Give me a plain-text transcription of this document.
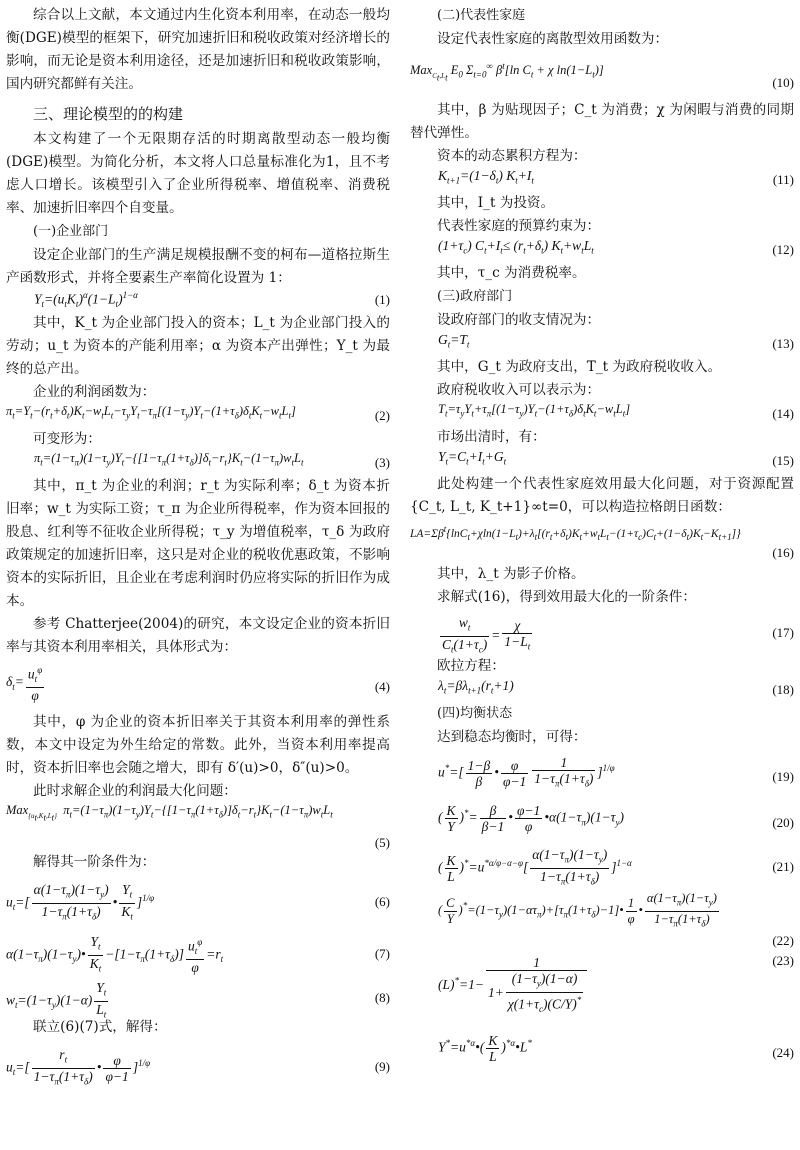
综合以上文献，本文通过内生化资本利用率，在动态一般均衡(DGE)模型的框架下，研究加速折旧和税收政策对经济增长的影响，而无论是资本利用途径，还是加速折旧和税收政策影响，国内研究都鲜有关注。

三、理论模型的的构建

本文构建了一个无限期存活的时期离散型动态一般均衡(DGE)模型。为简化分析，本文将人口总量标准化为1，且不考虑人口增长。该模型引入了企业所得税率、增值税率、消费税率、加速折旧率四个自变量。

(一)企业部门

设定企业部门的生产满足规模报酬不变的柯布—道格拉斯生产函数形式，并将全要素生产率简化设置为 1：

$Y_t=(u_tK_t)^\alpha(1-L_t)^{1-\alpha}$	(1)

其中，K_t 为企业部门投入的资本；L_t 为企业部门投入的劳动；u_t 为资本的产能利用率；α 为资本产出弹性；Y_t 为最终的总产出。

企业的利润函数为：

$\pi_t=Y_t-(r_t+\delta_t)K_t-w_tL_t-\tau_yY_t-\tau_\pi[(1-\tau_y)Y_t-(1+\tau_\delta)\delta_tK_t-w_tL_t]$	(2)

可变形为：

$\pi_t=(1-\tau_\pi)(1-\tau_y)Y_t-\{[1-\tau_\pi(1+\tau_\delta)]\delta_t-r_t\}K_t-(1-\tau_\pi)w_tL_t$	(3)

其中，π_t 为企业的利润；r_t 为实际利率；δ_t 为资本折旧率；w_t 为实际工资；τ_π 为企业所得税率，作为资本回报的股息、红利等不征收企业所得税；τ_y 为增值税率，τ_δ 为政府政策规定的加速折旧率，这只是对企业的税收优惠政策，不影响资本的实际折旧，且企业在考虑利润时仍应将实际的折旧作为成本。

参考 Chatterjee(2004)的研究，本文设定企业的资本折旧率与其资本利用率相关，具体形式为：

$\delta_t= \frac{u_t^\varphi}{\varphi}$	(4)

其中，φ 为企业的资本折旧率关于其资本利用率的弹性系数，本文中设定为外生给定的常数。此外，当资本利用率提高时，资本折旧率也会随之增大，即有 δ′(u)>0，δ″(u)>0。

此时求解企业的利润最大化问题：

Max$_{\{u_t,K_t,L_t\}}$  $\pi_t=(1-\tau_\pi)(1-\tau_y)Y_t-\{[1-\tau_\pi(1+\tau_\delta)]\delta_t-r_t\}K_t-(1-\tau_\pi)w_tL_t$
(5)

解得其一阶条件为：

$u_t=[ \frac{\alpha(1-\tau_\pi)(1-\tau_y)}{1-\tau_\pi(1+\tau_\delta)}$ • $\frac{Y_t}{K_t} ]^{1/\varphi}$	(6)
$\alpha(1-\tau_\pi)(1-\tau_y)• \frac{Y_t}{K_t} -[1-\tau_\pi(1+\tau_\delta)] \frac{u_t^\varphi}{\varphi} =r_t$	(7)
$w_t=(1-\tau_y)(1-\alpha) \frac{Y_t}{L_t}$	(8)

联立(6)(7)式，解得：

$u_t=[ \frac{r_t}{1-\tau_\pi(1+\tau_\delta)}$ • $\frac{\varphi}{\varphi-1} ]^{1/\varphi}$	(9)

(二)代表性家庭

设定代表性家庭的离散型效用函数为：

Max$_{C_t,L_t}$ $E_0$ $\Sigma_{t=0}^\infty$ $\beta^t[\ln$ $C_t + \chi$ $\ln(1-L_t)$]
(10)

其中，β 为贴现因子；C_t 为消费；χ 为闲暇与消费的同期替代弹性。

资本的动态累积方程为：

$K_{t+1}=(1-\delta_t)$ $K_t+I_t$	(11)

其中，I_t 为投资。

代表性家庭的预算约束为：

$(1+\tau_c)$ $C_t+I_t\le (r_t+\delta_t)$ $K_t+w_tL_t$	(12)

其中，τ_c 为消费税率。

(三)政府部门

设政府部门的收支情况为：

$G_t=T_t$	(13)

其中，G_t 为政府支出，T_t 为政府税收收入。

政府税收收入可以表示为：

$T_t=\tau_yY_t+\tau_\pi[(1-\tau_y)Y_t-(1+\tau_\delta)\delta_tK_t-w_tL_t]$	(14)

市场出清时，有：

$Y_t=C_t+I_t+G_t$	(15)

此处构建一个代表性家庭效用最大化问题，对于资源配置{C_t, L_t, K_t+1}∞t=0，可以构造拉格朗日函数：

$LA=\Sigma\beta^t\{\ln C_t+\chi\ln(1-L_t)+\lambda_t[(r_t+\delta_t)K_t+w_tL_t-(1+\tau_c)C_t+(1-\delta_t)K_t-K_{t+1}]\}$
(16)

其中，λ_t 为影子价格。

求解式(16)，得到效用最大化的一阶条件：

$\frac{w_t}{C_t(1+\tau_c)} = \frac{\chi}{1-L_t}$	(17)

欧拉方程：

$\lambda_t=\beta\lambda_{t+1}(r_t+1)$	(18)

(四)均衡状态

达到稳态均衡时，可得：

$u^*=[ \frac{1-\beta}{\beta}$ • $\frac{\varphi}{\varphi-1} \frac{1}{1-\tau_\pi(1+\tau_\delta)} ]^{1/\varphi}$
(19)
( $\frac{K}{Y} )^*= \frac{\beta}{\beta-1}$ • $\frac{\varphi-1}{\varphi}$ $•\alpha(1-\tau_\pi)(1-\tau_y)$	(20)
( $\frac{K}{L} )^*=u^{*\alpha/\varphi-\alpha-\varphi}[ \frac{\alpha(1-\tau_\pi)(1-\tau_y)}{1-\tau_\pi(1+\tau_\delta)} ]^{1-\alpha}$	(21)
( $\frac{C}{Y}$ )$^*=(1-\tau_y)(1-\alpha\tau_\pi)+[\tau_\pi(1+\tau_\delta)-1]• \frac{1}{\varphi}$ • $\frac{\alpha(1-\tau_\pi)(1-\tau_y)}{1-\tau_\pi(1+\tau_\delta)}$
(22)
$(L)^*=1- \frac{1}{1+ \frac{(1-\tau_y)(1-\alpha)}{\chi(1+\tau_c)(C/Y)^*}}$	(23)
$Y^*=u^{*\alpha}•( \frac{K}{L}$ )$^{*\alpha}$•L*
(24)
